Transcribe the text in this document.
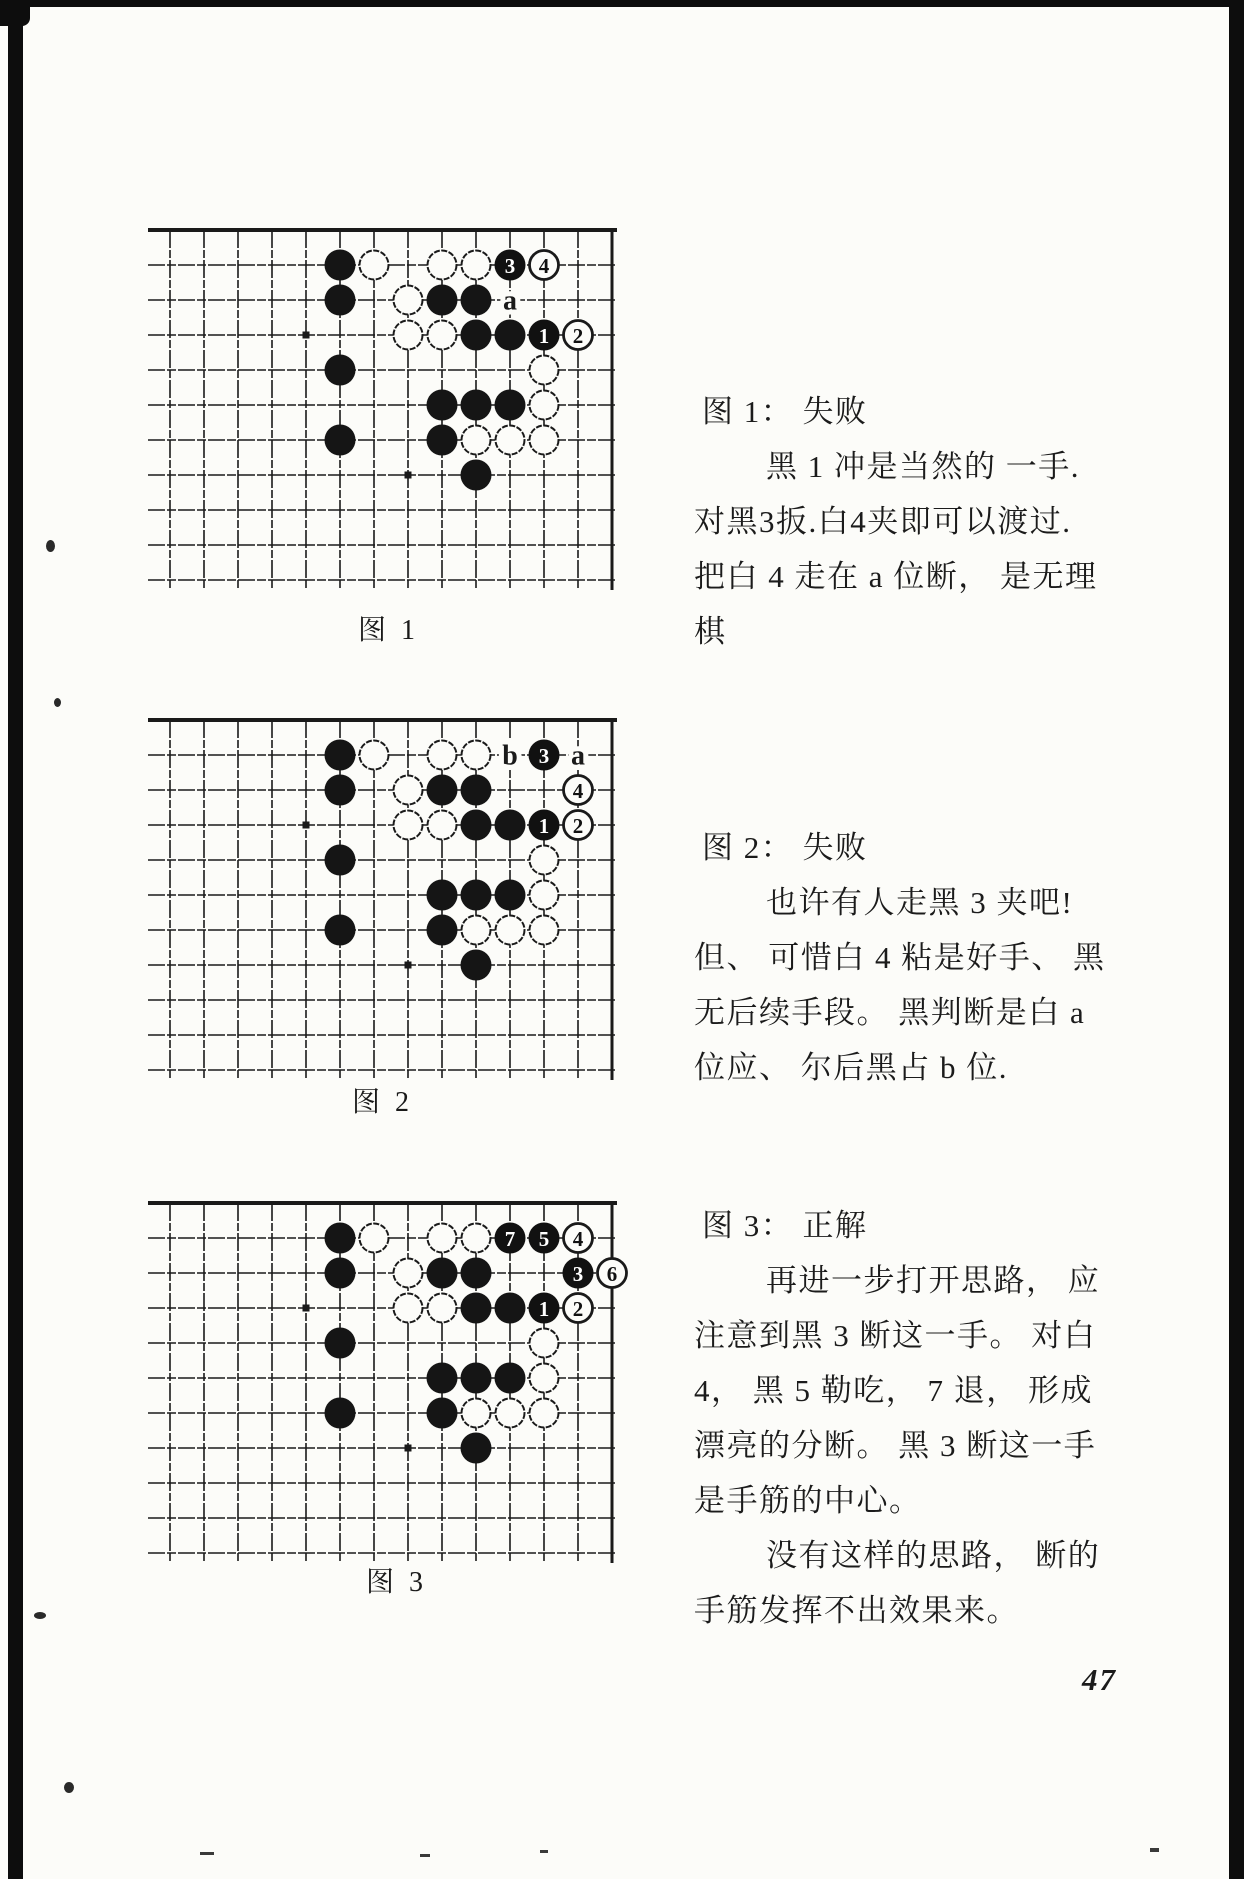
1 2
3 4
a
1 2
3
4
b a
1 2
7 5 4
3 6
图 1
图 2
图 3
图 1： 失败
黑 1 冲是当然的 一手.
对黑3扳.白4夹即可以渡过.
把白 4 走在 a 位断， 是无理
棋
图 2： 失败
也许有人走黑 3 夹吧!
但、 可惜白 4 粘是好手、 黑
无后续手段。 黑判断是白 a
位应、 尔后黑占 b 位.
图 3： 正解
再进一步打开思路， 应
注意到黑 3 断这一手。 对白
4， 黑 5 勒吃， 7 退， 形成
漂亮的分断。 黑 3 断这一手
是手筋的中心。
没有这样的思路， 断的
手筋发挥不出效果来。
47
